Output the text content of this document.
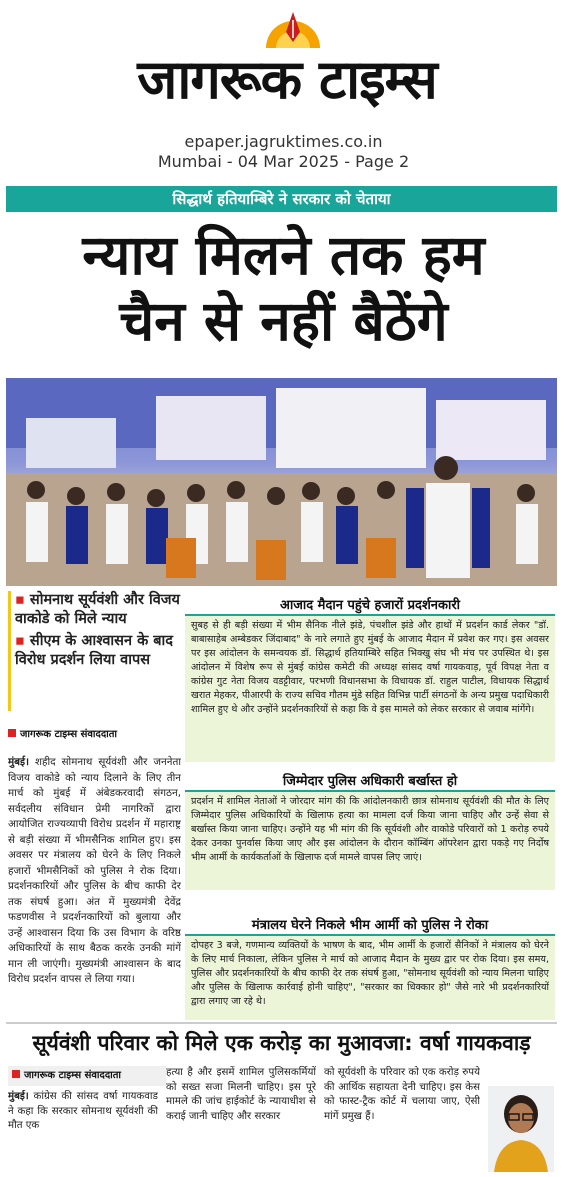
जागरूक टाइम्स
epaper.jagruktimes.co.in
Mumbai - 04 Mar 2025 - Page 2
सिद्धार्थ हतियाम्बिरे ने सरकार को चेताया
न्याय मिलने तक हम
चैन से नहीं बैठेंगे
▪ सोमनाथ सूर्यवंशी और विजय वाकोडे को मिले न्याय
▪ सीएम के आश्वासन के बाद विरोध प्रदर्शन लिया वापस
जागरूक टाइम्स संवाददाता
मुंबई। शहीद सोमनाथ सूर्यवंशी और जननेता विजय वाकोडे को न्याय दिलाने के लिए तीन मार्च को मुंबई में अंबेडकरवादी संगठन, सर्वदलीय संविधान प्रेमी नागरिकों द्वारा आयोजित राज्यव्यापी विरोध प्रदर्शन में महाराष्ट्र से बड़ी संख्या में भीमसैनिक शामिल हुए। इस अवसर पर मंत्रालय को घेरने के लिए निकले हजारों भीमसैनिकों को पुलिस ने रोक दिया। प्रदर्शनकारियों और पुलिस के बीच काफी देर तक संघर्ष हुआ। अंत में मुख्यमंत्री देवेंद्र फडणवीस ने प्रदर्शनकारियों को बुलाया और उन्हें आश्वासन दिया कि उस विभाग के वरिष्ठ अधिकारियों के साथ बैठक करके उनकी मांगें मान ली जाएंगी। मुख्यमंत्री आश्वासन के बाद विरोध प्रदर्शन वापस ले लिया गया।
आजाद मैदान पहुंचे हजारों प्रदर्शनकारी
सुबह से ही बड़ी संख्या में भीम सैनिक नीले झंडे, पंचशील झंडे और हाथों में प्रदर्शन कार्ड लेकर "डॉ. बाबासाहेब अम्बेडकर जिंदाबाद" के नारे लगाते हुए मुंबई के आजाद मैदान में प्रवेश कर गए। इस अवसर पर इस आंदोलन के समन्वयक डॉ. सिद्धार्थ हतियाम्बिरे सहित भिक्खु संघ भी मंच पर उपस्थित थे। इस आंदोलन में विशेष रूप से मुंबई कांग्रेस कमेटी की अध्यक्ष सांसद वर्षा गायकवाड़, पूर्व विपक्ष नेता व कांग्रेस गुट नेता विजय वडट्टीवार, परभणी विधानसभा के विधायक डॉ. राहुल पाटील, विधायक सिद्धार्थ खरात मेहकर, पीआरपी के राज्य सचिव गौतम मुंडे सहित विभिन्न पार्टी संगठनों के अन्य प्रमुख पदाधिकारी शामिल हुए थे और उन्होंने प्रदर्शनकारियों से कहा कि वे इस मामले को लेकर सरकार से जवाब मांगेंगे।
जिम्मेदार पुलिस अधिकारी बर्खास्त हो
प्रदर्शन में शामिल नेताओं ने जोरदार मांग की कि आंदोलनकारी छात्र सोमनाथ सूर्यवंशी की मौत के लिए जिम्मेदार पुलिस अधिकारियों के खिलाफ हत्या का मामला दर्ज किया जाना चाहिए और उन्हें सेवा से बर्खास्त किया जाना चाहिए। उन्होंने यह भी मांग की कि सूर्यवंशी और वाकोडे परिवारों को 1 करोड़ रुपये देकर उनका पुनर्वास किया जाए और इस आंदोलन के दौरान कॉम्बिंग ऑपरेशन द्वारा पकड़े गए निर्दोष भीम आर्मी के कार्यकर्ताओं के खिलाफ दर्ज मामले वापस लिए जाएं।
मंत्रालय घेरने निकले भीम आर्मी को पुलिस ने रोका
दोपहर 3 बजे, गणमान्य व्यक्तियों के भाषण के बाद, भीम आर्मी के हजारों सैनिकों ने मंत्रालय को घेरने के लिए मार्च निकाला, लेकिन पुलिस ने मार्च को आजाद मैदान के मुख्य द्वार पर रोक दिया। इस समय, पुलिस और प्रदर्शनकारियों के बीच काफी देर तक संघर्ष हुआ, "सोमनाथ सूर्यवंशी को न्याय मिलना चाहिए और पुलिस के खिलाफ कार्रवाई होनी चाहिए", "सरकार का धिक्कार हो" जैसे नारे भी प्रदर्शनकारियों द्वारा लगाए जा रहे थे।
सूर्यवंशी परिवार को मिले एक करोड़ का मुआवजा: वर्षा गायकवाड़
जागरूक टाइम्स संवाददाता
मुंबई। कांग्रेस की सांसद वर्षा गायकवाड ने कहा कि सरकार सोमनाथ सूर्यवंशी की मौत एक
हत्या है और इसमें शामिल पुलिसकर्मियों को सख्त सजा मिलनी चाहिए। इस पूरे मामले की जांच हाईकोर्ट के न्यायाधीश से कराई जानी चाहिए और सरकार
को सूर्यवंशी के परिवार को एक करोड़ रुपये की आर्थिक सहायता देनी चाहिए। इस केस को फास्ट-ट्रैक कोर्ट में चलाया जाए, ऐसी मांगें प्रमुख हैं।
